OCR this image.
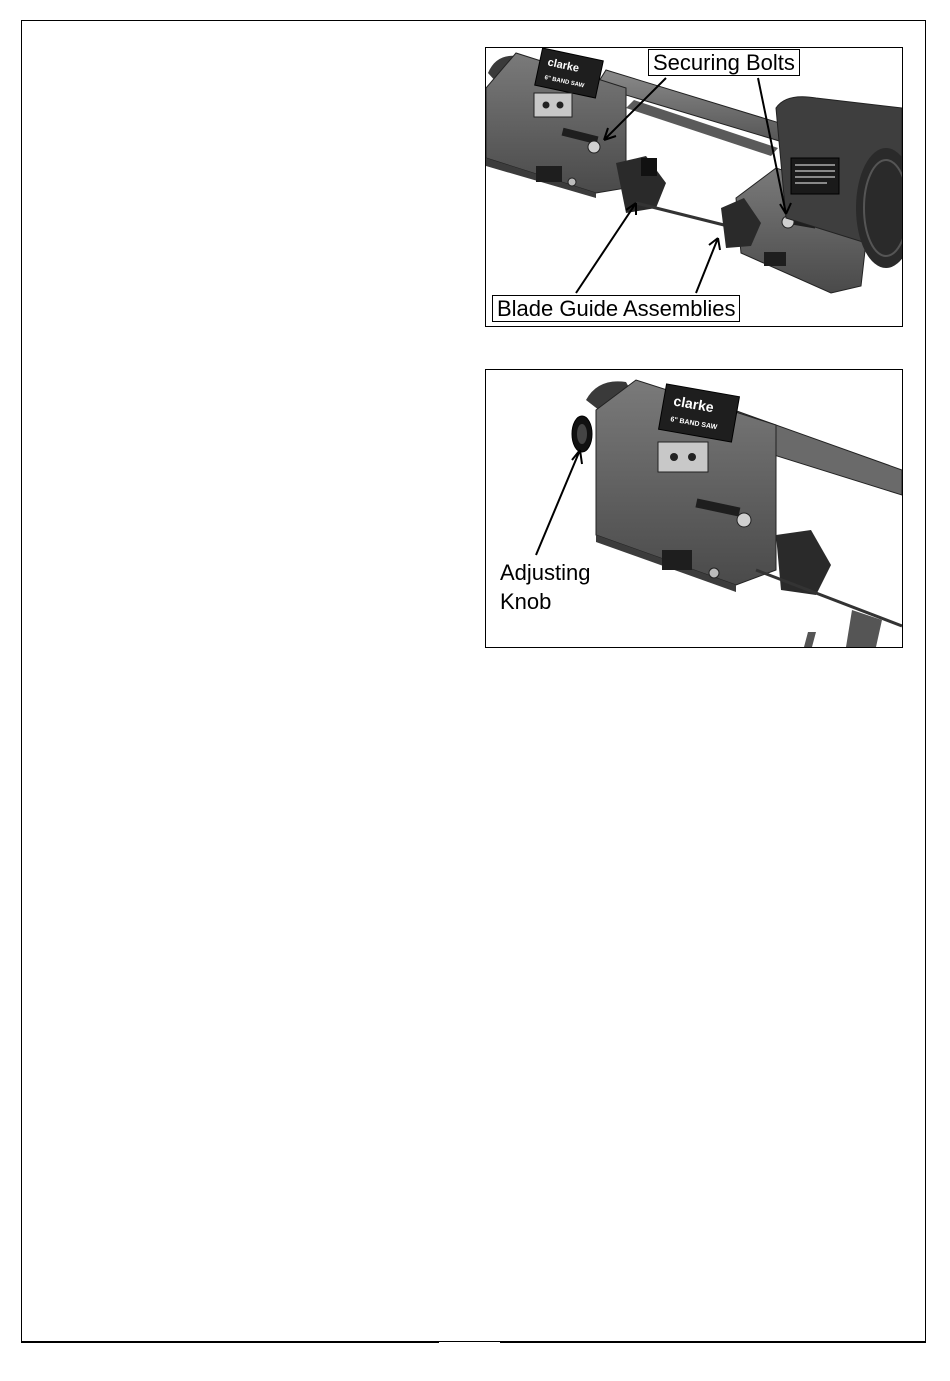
clarke
6" BAND SAW
Securing Bolts
Blade Guide Assemblies
clarke
6" BAND SAW
Adjusting
Knob
